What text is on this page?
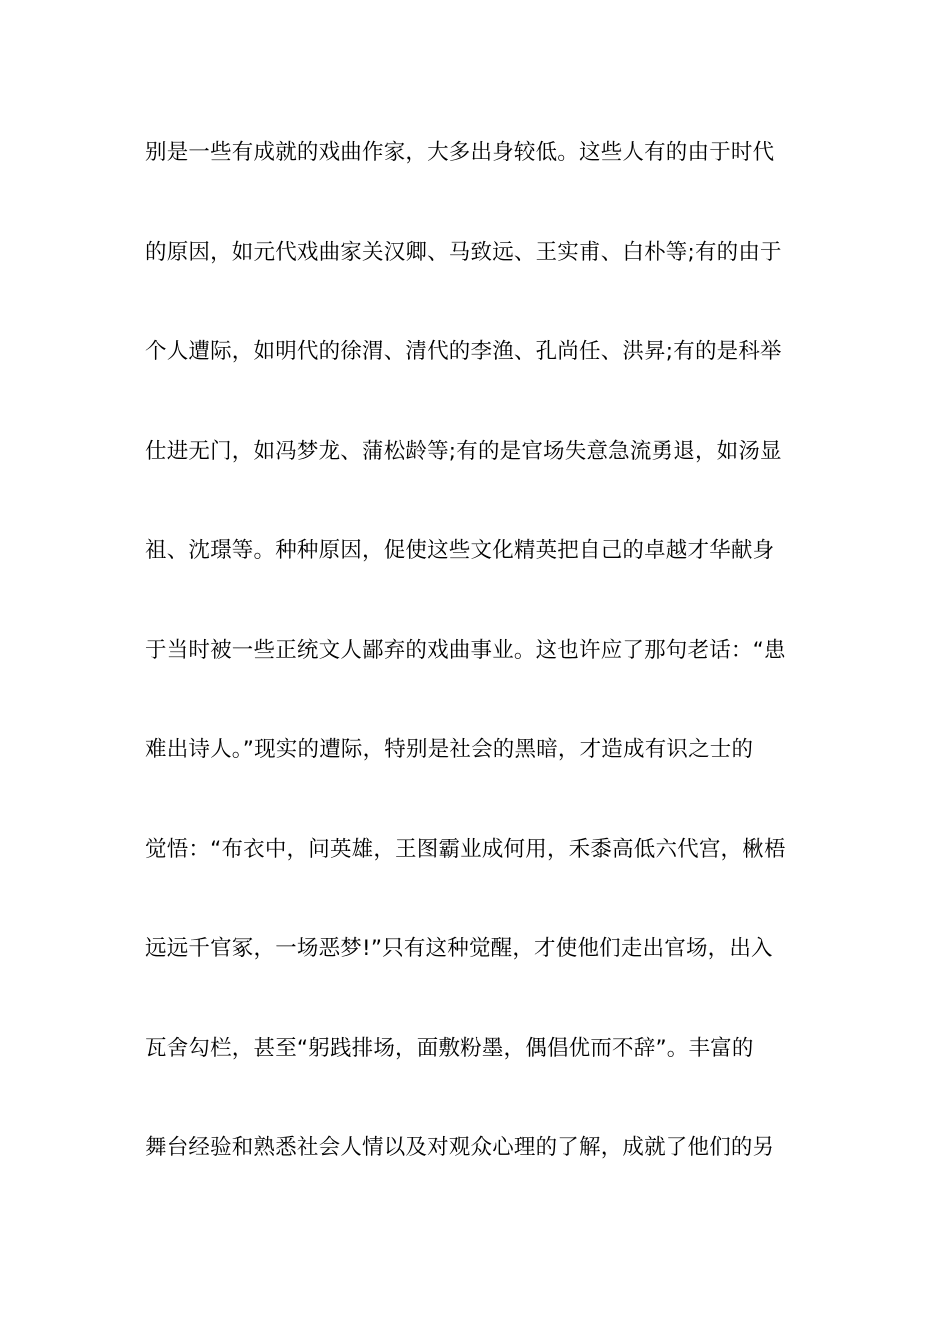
别是一些有成就的戏曲作家，大多出身较低。这些人有的由于时代
的原因，如元代戏曲家关汉卿、马致远、王实甫、白朴等;有的由于
个人遭际，如明代的徐渭、清代的李渔、孔尚任、洪昇;有的是科举
仕进无门，如冯梦龙、蒲松龄等;有的是官场失意急流勇退，如汤显
祖、沈璟等。种种原因，促使这些文化精英把自己的卓越才华献身
于当时被一些正统文人鄙弃的戏曲事业。这也许应了那句老话：“患
难出诗人。”现实的遭际，特别是社会的黑暗，才造成有识之士的
觉悟：“布衣中，问英雄，王图霸业成何用，禾黍高低六代宫，楸梧
远远千官冢，一场恶梦!”只有这种觉醒，才使他们走出官场，出入
瓦舍勾栏，甚至“躬践排场，面敷粉墨，偶倡优而不辞”。丰富的
舞台经验和熟悉社会人情以及对观众心理的了解，成就了他们的另
